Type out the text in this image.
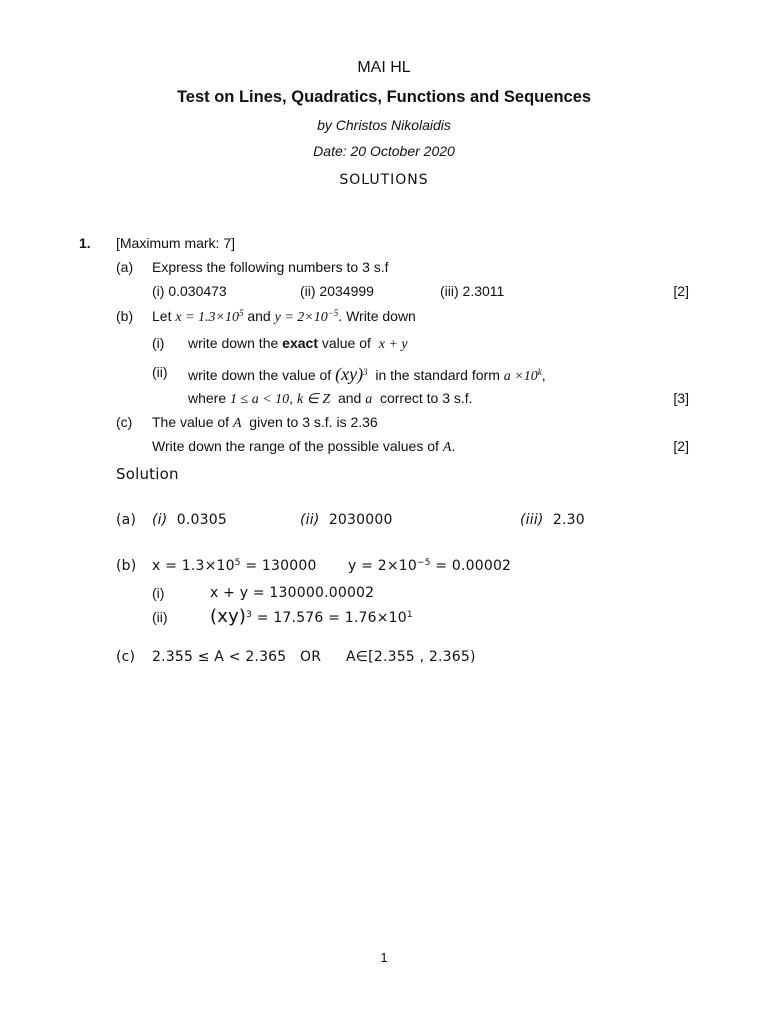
MAI HL
Test on Lines, Quadratics, Functions and Sequences
by Christos Nikolaidis
Date: 20 October 2020
SOLUTIONS
1. [Maximum mark: 7]
(a) Express the following numbers to 3 s.f
(i) 0.030473	(ii) 2034999	(iii) 2.3011	[2]
(b) Let $x = 1.3\times 10^5$ and $y = 2\times 10^{-5}$. Write down
(i) write down the exact value of x + y
(ii) write down the value of (xy)$^3$ in the standard form $a \times 10^k$,
where 1 ≤ a < 10, k ∈ Z and a correct to 3 s.f.	[3]
(c) The value of A given to 3 s.f. is 2.36
Write down the range of the possible values of A.	[2]
Solution
(a) (i) 0.0305	(ii) 2030000	(iii) 2.30
(b) $x = 1.3\times 10^5 = 130000$ $y = 2\times 10^{-5} = 0.00002$
(i)	x + y = 130000.00002
(ii) $(xy)^3 = 17.576 = 1.76\times 10^1$
(c) 2.355 ≤ A < 2.365 OR A∈[2.355 , 2.365)
1
